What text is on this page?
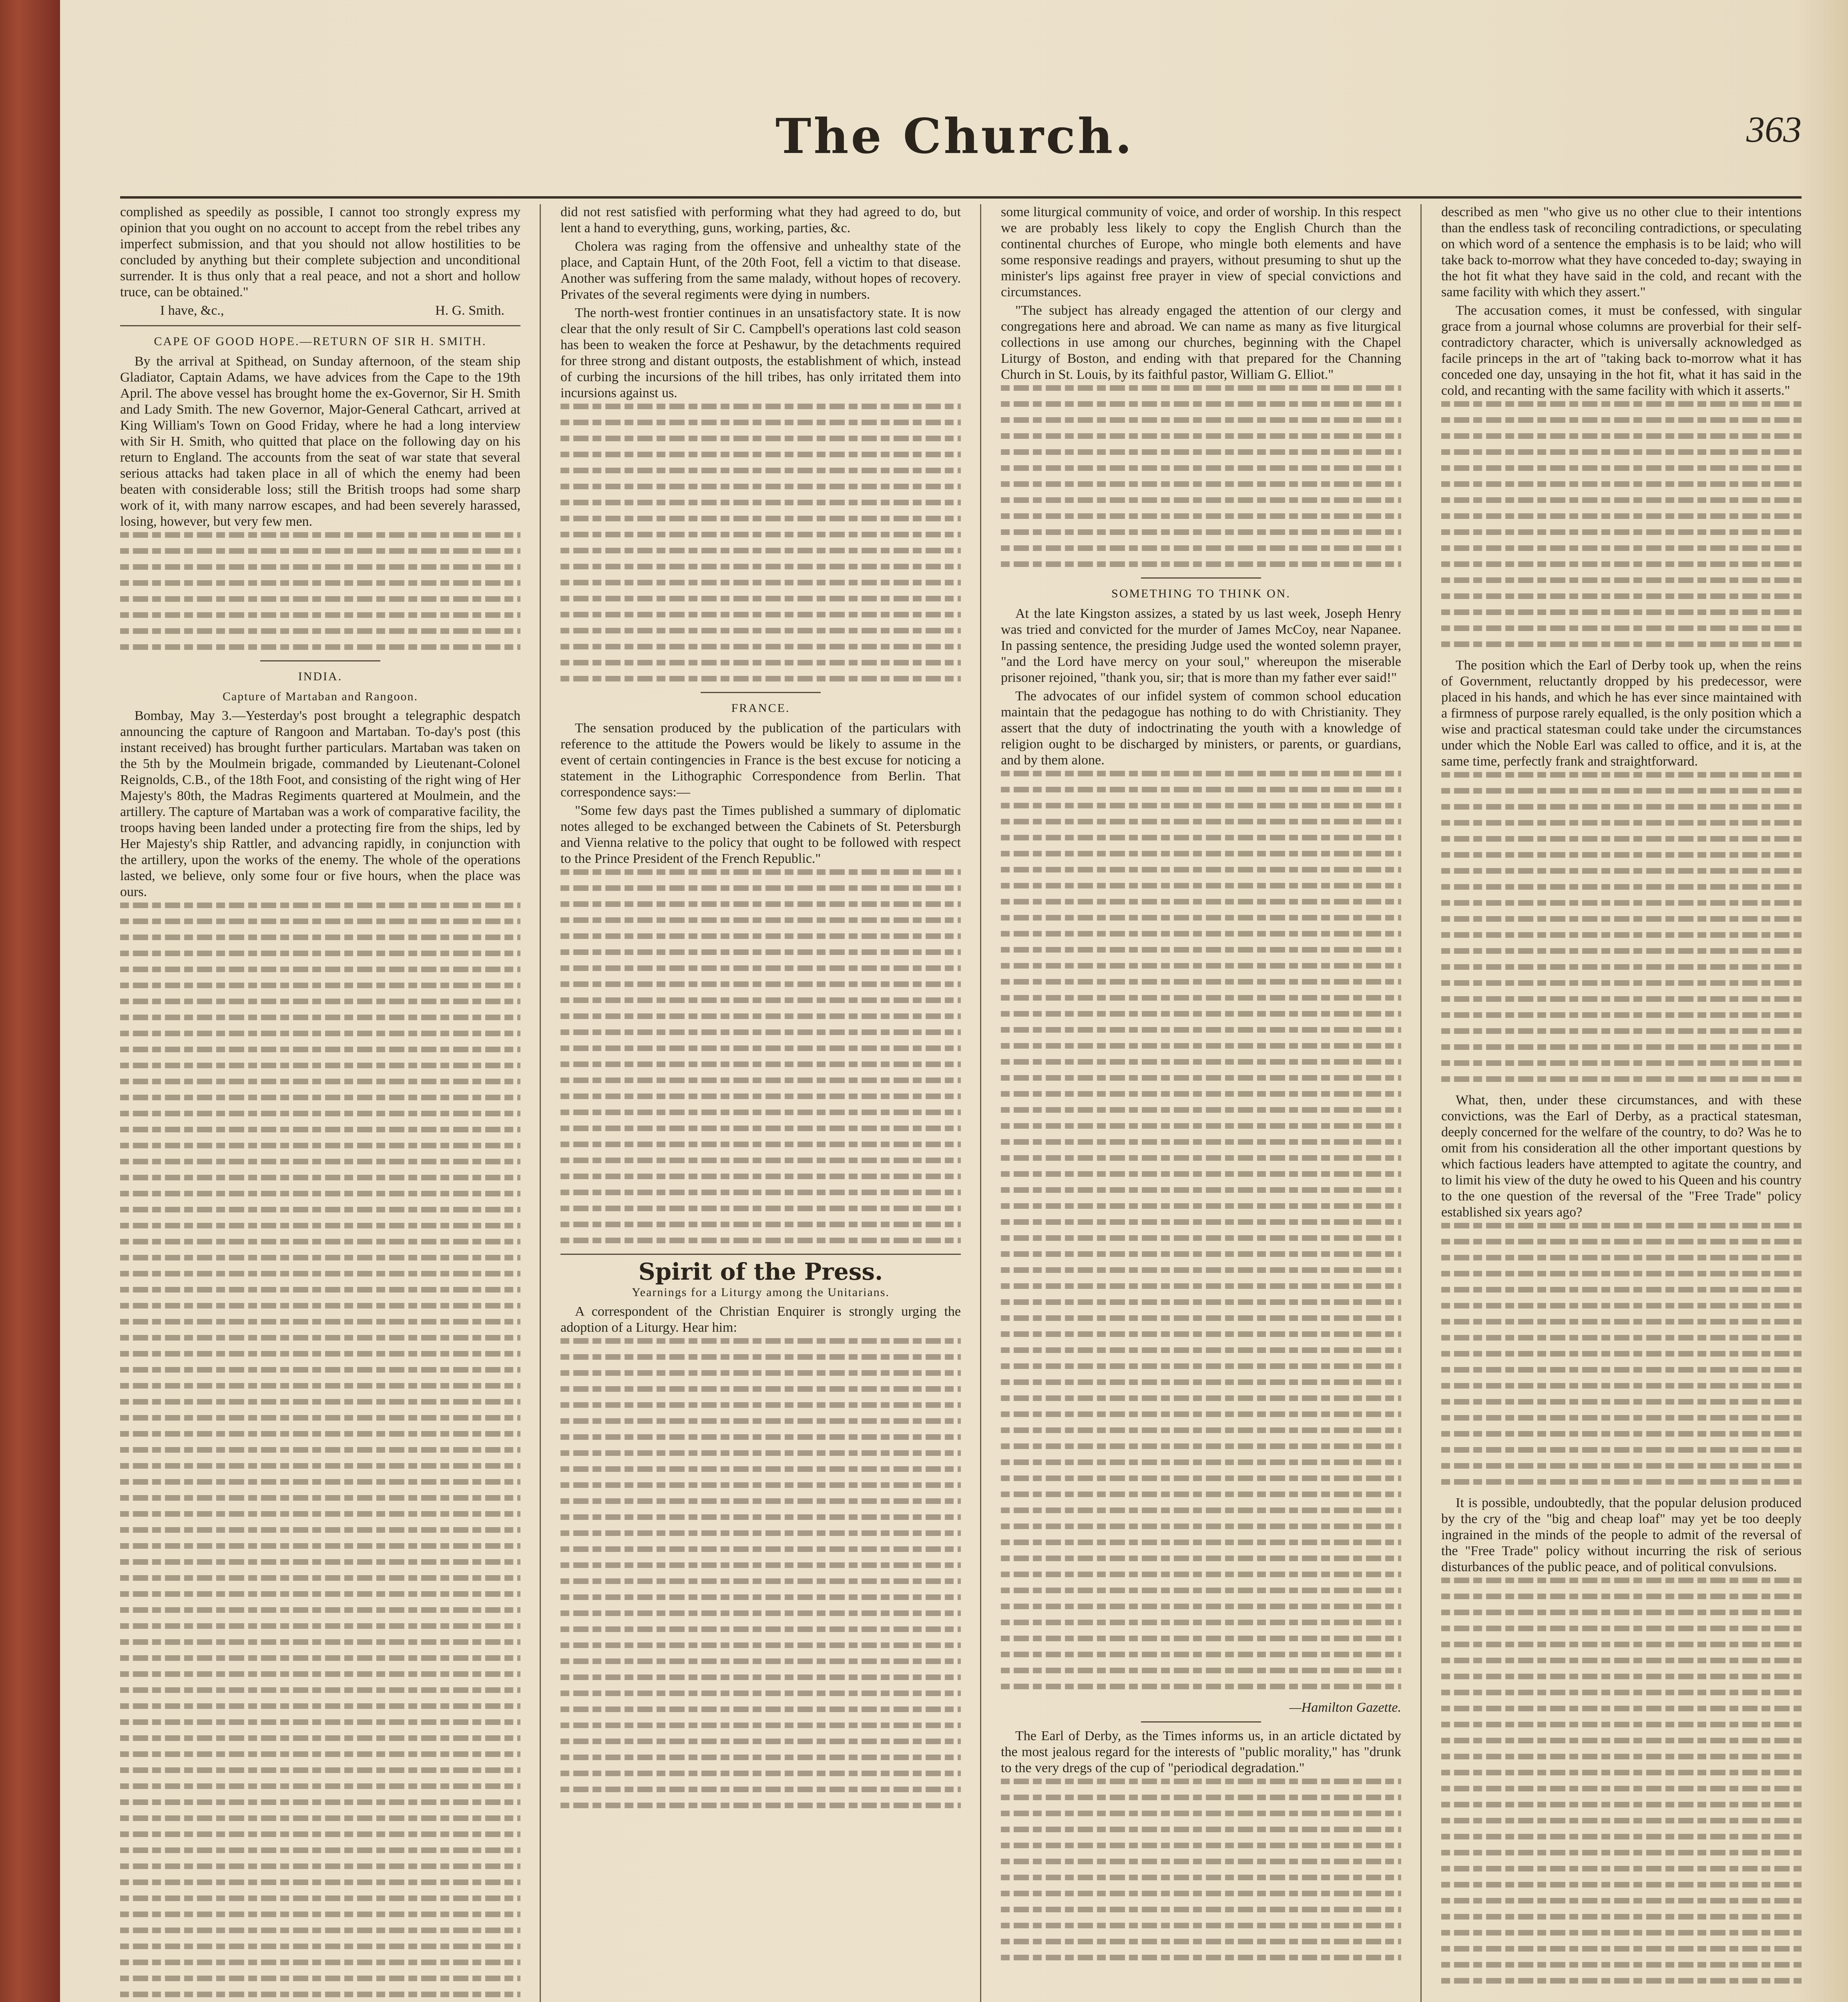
The Church.	363

complished as speedily as possible, I cannot too strongly express my opinion that you ought on no account to accept from the rebel tribes any imperfect submission, and that you should not allow hostilities to be concluded by anything but their complete subjection and unconditional surrender. It is thus only that a real peace, and not a short and hollow truce, can be obtained."

I have, &c.,	H. G. Smith.
CAPE OF GOOD HOPE.—RETURN OF SIR H. SMITH.

By the arrival at Spithead, on Sunday afternoon, of the steam ship Gladiator, Captain Adams, we have advices from the Cape to the 19th April. The above vessel has brought home the ex-Governor, Sir H. Smith and Lady Smith. The new Governor, Major-General Cathcart, arrived at King William's Town on Good Friday, where he had a long interview with Sir H. Smith, who quitted that place on the following day on his return to England. The accounts from the seat of war state that several serious attacks had taken place in all of which the enemy had been beaten with considerable loss; still the British troops had some sharp work of it, with many narrow escapes, and had been severely harassed, losing, however, but very few men.

INDIA.
Capture of Martaban and Rangoon.

Bombay, May 3.—Yesterday's post brought a telegraphic despatch announcing the capture of Rangoon and Martaban. To-day's post (this instant received) has brought further particulars. Martaban was taken on the 5th by the Moulmein brigade, commanded by Lieutenant-Colonel Reignolds, C.B., of the 18th Foot, and consisting of the right wing of Her Majesty's 80th, the Madras Regiments quartered at Moulmein, and the artillery. The capture of Martaban was a work of comparative facility, the troops having been landed under a protecting fire from the ships, led by Her Majesty's ship Rattler, and advancing rapidly, in conjunction with the artillery, upon the works of the enemy. The whole of the operations lasted, we believe, only some four or five hours, when the place was ours.

did not rest satisfied with performing what they had agreed to do, but lent a hand to everything, guns, working, parties, &c.

Cholera was raging from the offensive and unhealthy state of the place, and Captain Hunt, of the 20th Foot, fell a victim to that disease. Another was suffering from the same malady, without hopes of recovery. Privates of the several regiments were dying in numbers.

The north-west frontier continues in an unsatisfactory state. It is now clear that the only result of Sir C. Campbell's operations last cold season has been to weaken the force at Peshawur, by the detachments required for three strong and distant outposts, the establishment of which, instead of curbing the incursions of the hill tribes, has only irritated them into incursions against us.

FRANCE.

The sensation produced by the publication of the particulars with reference to the attitude the Powers would be likely to assume in the event of certain contingencies in France is the best excuse for noticing a statement in the Lithographic Correspondence from Berlin. That correspondence says:—

"Some few days past the Times published a summary of diplomatic notes alleged to be exchanged between the Cabinets of St. Petersburgh and Vienna relative to the policy that ought to be followed with respect to the Prince President of the French Republic."

Spirit of the Press.
Yearnings for a Liturgy among the Unitarians.

A correspondent of the Christian Enquirer is strongly urging the adoption of a Liturgy. Hear him:

some liturgical community of voice, and order of worship. In this respect we are probably less likely to copy the English Church than the continental churches of Europe, who mingle both elements and have some responsive readings and prayers, without presuming to shut up the minister's lips against free prayer in view of special convictions and circumstances.

"The subject has already engaged the attention of our clergy and congregations here and abroad. We can name as many as five liturgical collections in use among our churches, beginning with the Chapel Liturgy of Boston, and ending with that prepared for the Channing Church in St. Louis, by its faithful pastor, William G. Elliot."

SOMETHING TO THINK ON.

At the late Kingston assizes, a stated by us last week, Joseph Henry was tried and convicted for the murder of James McCoy, near Napanee. In passing sentence, the presiding Judge used the wonted solemn prayer, "and the Lord have mercy on your soul," whereupon the miserable prisoner rejoined, "thank you, sir; that is more than my father ever said!"

The advocates of our infidel system of common school education maintain that the pedagogue has nothing to do with Christianity. They assert that the duty of indoctrinating the youth with a knowledge of religion ought to be discharged by ministers, or parents, or guardians, and by them alone.

—Hamilton Gazette.

The Earl of Derby, as the Times informs us, in an article dictated by the most jealous regard for the interests of "public morality," has "drunk to the very dregs of the cup of "periodical degradation."

described as men "who give us no other clue to their intentions than the endless task of reconciling contradictions, or speculating on which word of a sentence the emphasis is to be laid; who will take back to-morrow what they have conceded to-day; swaying in the hot fit what they have said in the cold, and recant with the same facility with which they assert."

The accusation comes, it must be confessed, with singular grace from a journal whose columns are proverbial for their self-contradictory character, which is universally acknowledged as facile princeps in the art of "taking back to-morrow what it has conceded one day, unsaying in the hot fit, what it has said in the cold, and recanting with the same facility with which it asserts."

The position which the Earl of Derby took up, when the reins of Government, reluctantly dropped by his predecessor, were placed in his hands, and which he has ever since maintained with a firmness of purpose rarely equalled, is the only position which a wise and practical statesman could take under the circumstances under which the Noble Earl was called to office, and it is, at the same time, perfectly frank and straightforward.

What, then, under these circumstances, and with these convictions, was the Earl of Derby, as a practical statesman, deeply concerned for the welfare of the country, to do? Was he to omit from his consideration all the other important questions by which factious leaders have attempted to agitate the country, and to limit his view of the duty he owed to his Queen and his country to the one question of the reversal of the "Free Trade" policy established six years ago?

It is possible, undoubtedly, that the popular delusion produced by the cry of the "big and cheap loaf" may yet be too deeply ingrained in the minds of the people to admit of the reversal of the "Free Trade" policy without incurring the risk of serious disturbances of the public peace, and of political convulsions.
